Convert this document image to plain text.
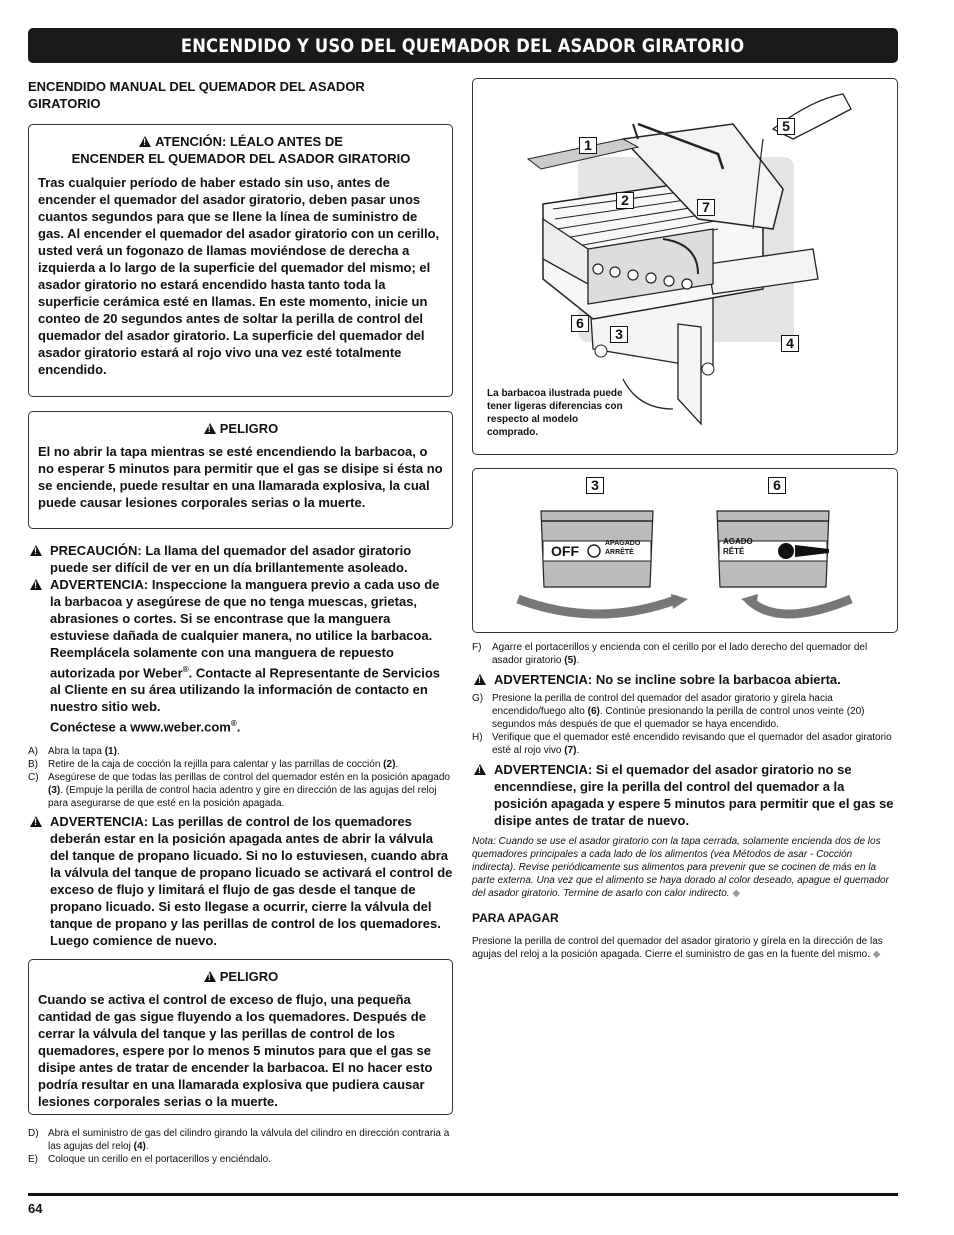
ENCENDIDO Y USO DEL QUEMADOR DEL ASADOR GIRATORIO
ENCENDIDO MANUAL DEL QUEMADOR DEL ASADOR GIRATORIO
!ATENCIÓN: LÉALO ANTES DE
ENCENDER EL QUEMADOR DEL ASADOR GIRATORIO
Tras cualquier período de haber estado sin uso, antes de encender el quemador del asador giratorio, deben pasar unos cuantos segundos para que se llene la línea de suministro de gas. Al encender el quemador del asador giratorio con un cerillo, usted verá un fogonazo de llamas moviéndose de derecha a izquierda a lo largo de la superficie del quemador del mismo; el asador giratorio no estará encendido hasta tanto toda la superficie cerámica esté en llamas. En este momento, inicie un conteo de 20 segundos antes de soltar la perilla de control del quemador del asador giratorio. La superficie del quemador del asador giratorio estará al rojo vivo una vez esté totalmente encendido.
!PELIGRO
El no abrir la tapa mientras se esté encendiendo la barbacoa, o no esperar 5 minutos para permitir que el gas se disipe si ésta no se enciende, puede resultar en una llamarada explosiva, la cual puede causar lesiones corporales serias o la muerte.
!
PRECAUCIÓN: La llama del quemador del asador giratorio puede ser difícil de ver en un día brillantemente asoleado.
!
ADVERTENCIA: Inspeccione la manguera previo a cada uso de la barbacoa y asegúrese de que no tenga muescas, grietas, abrasiones o cortes. Si se encontrase que la manguera estuviese dañada de cualquier manera, no utilice la barbacoa. Reemplácela solamente con una manguera de repuesto autorizada por Weber®. Contacte al Representante de Servicios al Cliente en su área utilizando la información de contacto en nuestro sitio web.
Conéctese a www.weber.com®.
A)	Abra la tapa (1).
B)	Retire de la caja de cocción la rejilla para calentar y las parrillas de cocción (2).
C) Asegúrese de que todas las perillas de control del quemador estén en la posición apagado (3). (Empuje la perilla de control hacia adentro y gire en dirección de las agujas del reloj para asegurarse de que esté en la posición apagada.
!
ADVERTENCIA: Las perillas de control de los quemadores deberán estar en la posición apagada antes de abrir la válvula del tanque de propano licuado. Si no lo estuviesen, cuando abra la válvula del tanque de propano licuado se activará el control de exceso de flujo y limitará el flujo de gas desde el tanque de propano licuado. Si esto llegase a ocurrir, cierre la válvula del tanque de propano y las perillas de control de los quemadores. Luego comience de nuevo.
!PELIGRO
Cuando se activa el control de exceso de flujo, una pequeña cantidad de gas sigue fluyendo a los quemadores. Después de cerrar la válvula del tanque y las perillas de control de los quemadores, espere por lo menos 5 minutos para que el gas se disipe antes de tratar de encender la barbacoa. El no hacer esto podría resultar en una llamarada explosiva que pudiera causar lesiones corporales serias o la muerte.
D) Abra el suministro de gas del cilindro girando la válvula del cilindro en dirección contraria a las agujas del reloj (4).
E)	Coloque un cerillo en el portacerillos y enciéndalo.
1
2
3
4
5
6
7
La barbacoa ilustrada puede tener ligeras diferencias con respecto al modelo comprado.
3	6
OFF	APAGADO
ARRÊTÉ
AGADO
RÊTÉ
F)	Agarre el portacerillos y encienda con el cerillo por el lado derecho del quemador del asador giratorio (5).
!
ADVERTENCIA: No se incline sobre la barbacoa abierta.
G) Presione la perilla de control del quemador del asador giratorio y gírela hacia encendido/fuego alto (6). Continúe presionando la perilla de control unos veinte (20) segundos más después de que el quemador se haya encendido.
H) Verifique que el quemador esté encendido revisando que el quemador del asador giratorio esté al rojo vivo (7).
!
ADVERTENCIA: Si el quemador del asador giratorio no se encenndiese, gire la perilla del control del quemador a la posición apagada y espere 5 minutos para permitir que el gas se disipe antes de tratar de nuevo.
Nota: Cuando se use el asador giratorio con la tapa cerrada, solamente encienda dos de los quemadores principales a cada lado de los alimentos (vea Métodos de asar - Cocción indirecta). Revise periódicamente sus alimentos para prevenir que se cocinen de más en la parte externa. Una vez que el alimento se haya dorado al color deseado, apague el quemador del asador giratorio. Termine de asarlo con calor indirecto. ◆
PARA APAGAR
Presione la perilla de control del quemador del asador giratorio y gírela en la dirección de las agujas del reloj a la posición apagada. Cierre el suministro de gas en la fuente del mismo. ◆
64
